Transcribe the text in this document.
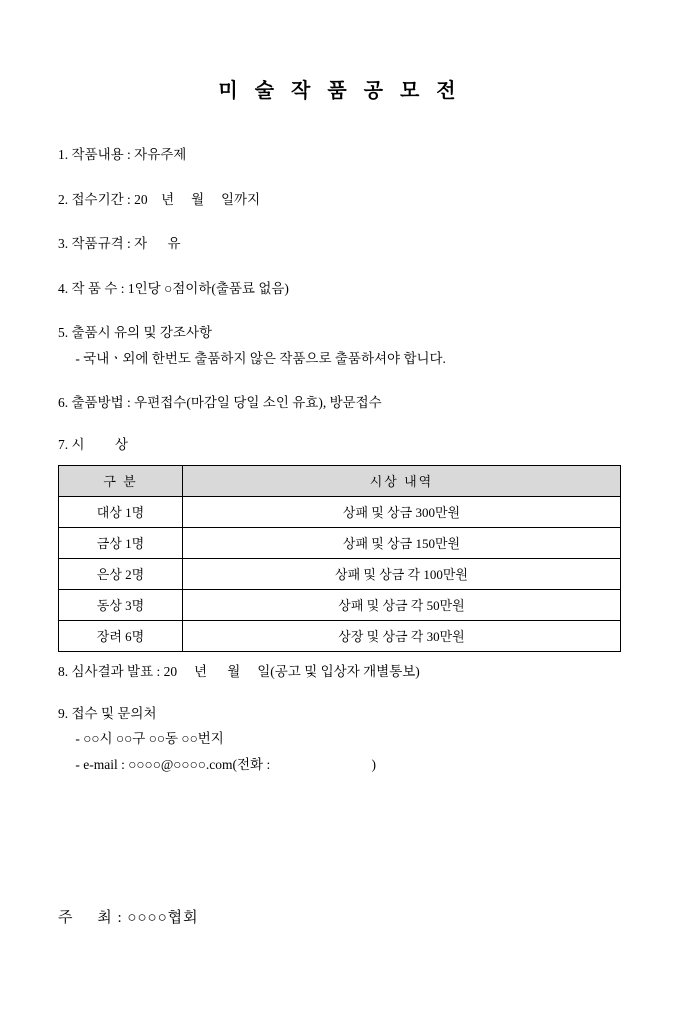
미 술 작 품 공 모 전
1. 작품내용 : 자유주제
2. 접수기간 : 20    년     월     일까지
3. 작품규격 : 자      유
4. 작 품 수 : 1인당 ○점이하(출품료 없음)
5. 출품시 유의 및 강조사항
- 국내ㆍ외에 한번도 출품하지 않은 작품으로 출품하셔야 합니다.
6. 출품방법 : 우편접수(마감일 당일 소인 유효), 방문접수
7. 시         상
구 분	시상 내역
대상 1명	상패 및 상금 300만원
금상 1명	상패 및 상금 150만원
은상 2명	상패 및 상금 각 100만원
동상 3명	상패 및 상금 각 50만원
장려 6명	상장 및 상금 각 30만원
8. 심사결과 발표 : 20     년      월     일(공고 및 입상자 개별통보)
9. 접수 및 문의처
- ○○시 ○○구 ○○동 ○○번지
- e-mail : ○○○○@○○○○.com(전화 :                              )
주     최 : ○○○○협회
